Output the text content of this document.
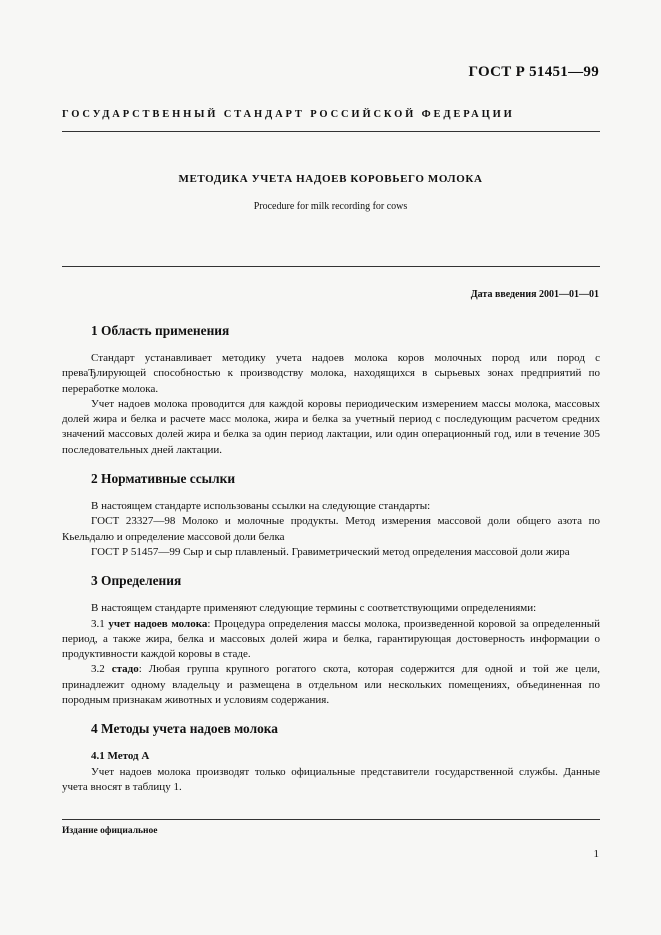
ГОСТ Р 51451—99
ГОСУДАРСТВЕННЫЙ СТАНДАРТ РОССИЙСКОЙ ФЕДЕРАЦИИ
МЕТОДИКА УЧЕТА НАДОЕВ КОРОВЬЕГО МОЛОКА
Procedure for milk recording for cows
Дата введения 2001—01—01
1 Область применения

Стандарт устанавливает методику учета надоев молока коров молочных пород или пород с преваЂлирующей способностью к производству молока, находящихся в сырьевых зонах предприятий по переработке молока.

Учет надоев молока проводится для каждой коровы периодическим измерением массы молока, массовых долей жира и белка и расчете масс молока, жира и белка за учетный период с последующим расчетом средних значений массовых долей жира и белка за один период лактации, или один операционный год, или в течение 305 последовательных дней лактации.

2 Нормативные ссылки

В настоящем стандарте использованы ссылки на следующие стандарты:

ГОСТ 23327—98 Молоко и молочные продукты. Метод измерения массовой доли общего азота по Кьельдалю и определение массовой доли белка

ГОСТ Р 51457—99 Сыр и сыр плавленый. Гравиметрический метод определения массовой доли жира

3 Определения

В настоящем стандарте применяют следующие термины с соответствующими определениями:

3.1 учет надоев молока: Процедура определения массы молока, произведенной коровой за определенный период, а также жира, белка и массовых долей жира и белка, гарантирующая достоверность информации о продуктивности каждой коровы в стаде.

3.2 стадо: Любая группа крупного рогатого скота, которая содержится для одной и той же цели, принадлежит одному владельцу и размещена в отдельном или нескольких помещениях, объединенная по породным признакам животных и условиям содержания.

4 Методы учета надоев молока

4.1 Метод А

Учет надоев молока производят только официальные представители государственной службы. Данные учета вносят в таблицу 1.

Издание официальное
1
